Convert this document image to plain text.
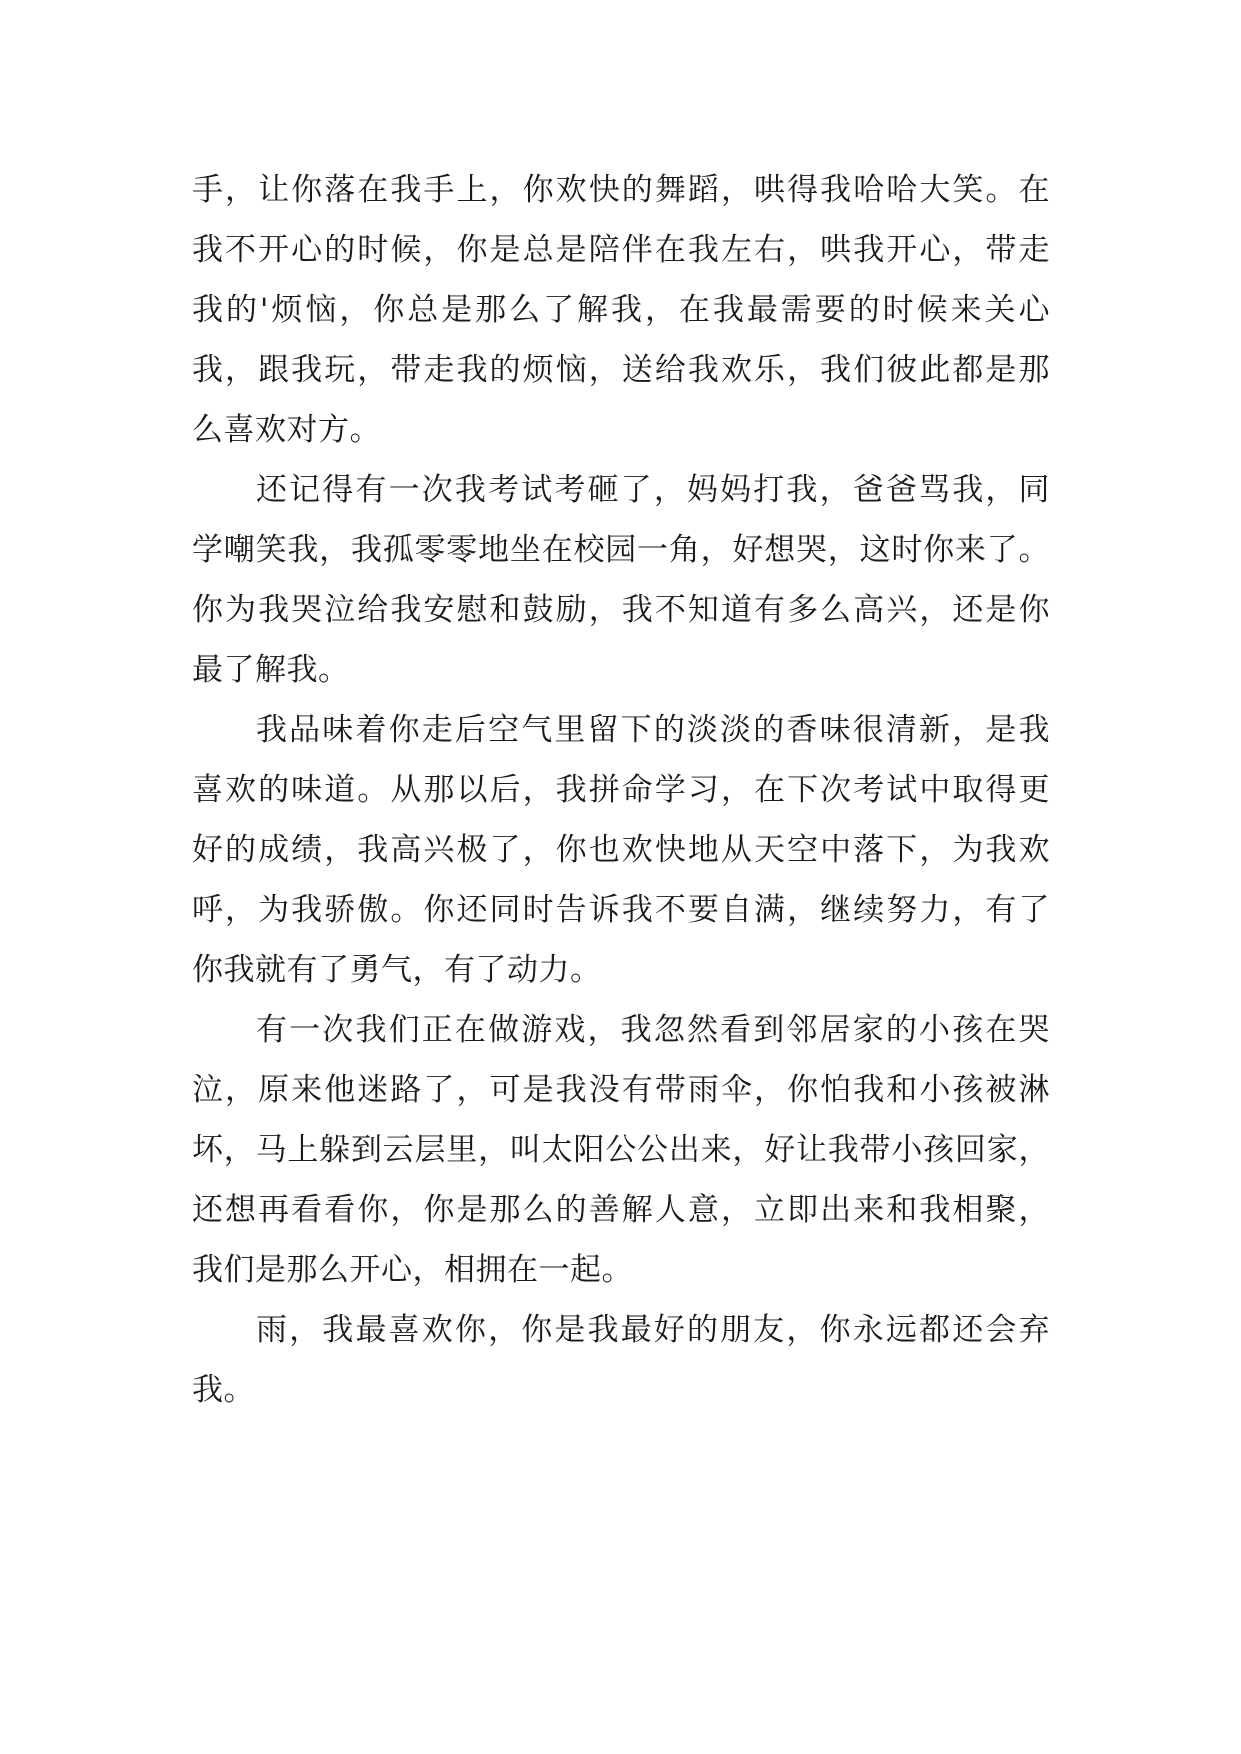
手，让你落在我手上，你欢快的舞蹈，哄得我哈哈大笑。在
我不开心的时候，你是总是陪伴在我左右，哄我开心，带走
我的'烦恼，你总是那么了解我，在我最需要的时候来关心
我，跟我玩，带走我的烦恼，送给我欢乐，我们彼此都是那
么喜欢对方。
还记得有一次我考试考砸了，妈妈打我，爸爸骂我，同
学嘲笑我，我孤零零地坐在校园一角，好想哭，这时你来了。
你为我哭泣给我安慰和鼓励，我不知道有多么高兴，还是你
最了解我。
我品味着你走后空气里留下的淡淡的香味很清新，是我
喜欢的味道。从那以后，我拼命学习，在下次考试中取得更
好的成绩，我高兴极了，你也欢快地从天空中落下，为我欢
呼，为我骄傲。你还同时告诉我不要自满，继续努力，有了
你我就有了勇气，有了动力。
有一次我们正在做游戏，我忽然看到邻居家的小孩在哭
泣，原来他迷路了，可是我没有带雨伞，你怕我和小孩被淋
坏，马上躲到云层里，叫太阳公公出来，好让我带小孩回家，
还想再看看你，你是那么的善解人意，立即出来和我相聚，
我们是那么开心，相拥在一起。
雨，我最喜欢你，你是我最好的朋友，你永远都还会弃
我。
